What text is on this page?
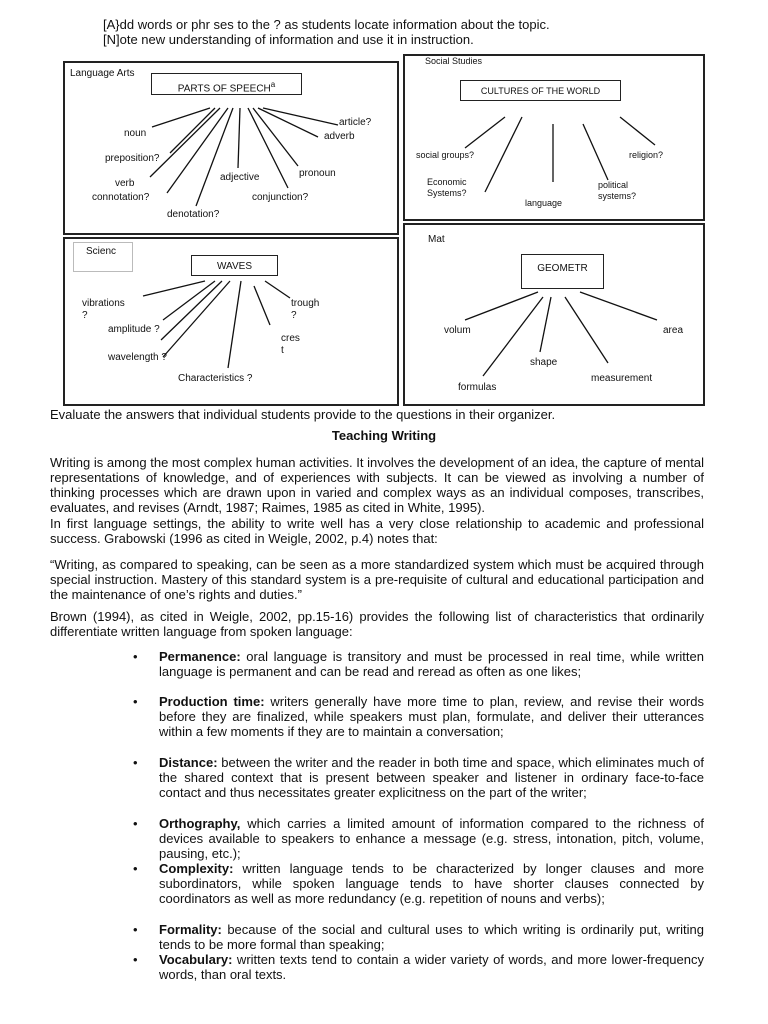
[A}dd words or phr ses to the ? as students locate information about the topic.
[N]ote new understanding of information and use it in instruction.
Language Arts
PARTS OF SPEECH$^a$
article?
noun	adverb
preposition?
pronoun
adjective
verb
connotation?	conjunction?
denotation?
Social Studies
CULTURES OF THE WORLD
social groups?	religion?
Economic Systems?
political systems?
language
Scienc
WAVES
vibrations ?
trough ?
amplitude ?
cres t
wavelength ?
Characteristics ?
Mat
GEOMETR
volum	area
shape
measurement
formulas
Evaluate the answers that individual students provide to the questions in their organizer.
Teaching Writing
Writing is among the most complex human activities. It involves the development of an idea, the capture of mental representations of knowledge, and of experiences with subjects. It can be viewed as involving a number of thinking processes which are drawn upon in varied and complex ways as an individual composes, transcribes, evaluates, and revises (Arndt, 1987; Raimes, 1985 as cited in White, 1995).
In first language settings, the ability to write well has a very close relationship to academic and professional success. Grabowski (1996 as cited in Weigle, 2002, p.4) notes that:
“Writing, as compared to speaking, can be seen as a more standardized system which must be acquired through special instruction. Mastery of this standard system is a pre-requisite of cultural and educational participation and the maintenance of one’s rights and duties.”
Brown (1994), as cited in Weigle, 2002, pp.15-16) provides the following list of characteristics that ordinarily differentiate written language from spoken language:
• Permanence: oral language is transitory and must be processed in real time, while written language is permanent and can be read and reread as often as one likes;
• Production time: writers generally have more time to plan, review, and revise their words before they are finalized, while speakers must plan, formulate, and deliver their utterances within a few moments if they are to maintain a conversation;
• Distance: between the writer and the reader in both time and space, which eliminates much of the shared context that is present between speaker and listener in ordinary face-to-face contact and thus necessitates greater explicitness on the part of the writer;
• Orthography, which carries a limited amount of information compared to the richness of devices available to speakers to enhance a message (e.g. stress, intonation, pitch, volume, pausing, etc.);
• Complexity: written language tends to be characterized by longer clauses and more subordinators, while spoken language tends to have shorter clauses connected by coordinators as well as more redundancy (e.g. repetition of nouns and verbs);
• Formality: because of the social and cultural uses to which writing is ordinarily put, writing tends to be more formal than speaking;
• Vocabulary: written texts tend to contain a wider variety of words, and more lower-frequency words, than oral texts.
